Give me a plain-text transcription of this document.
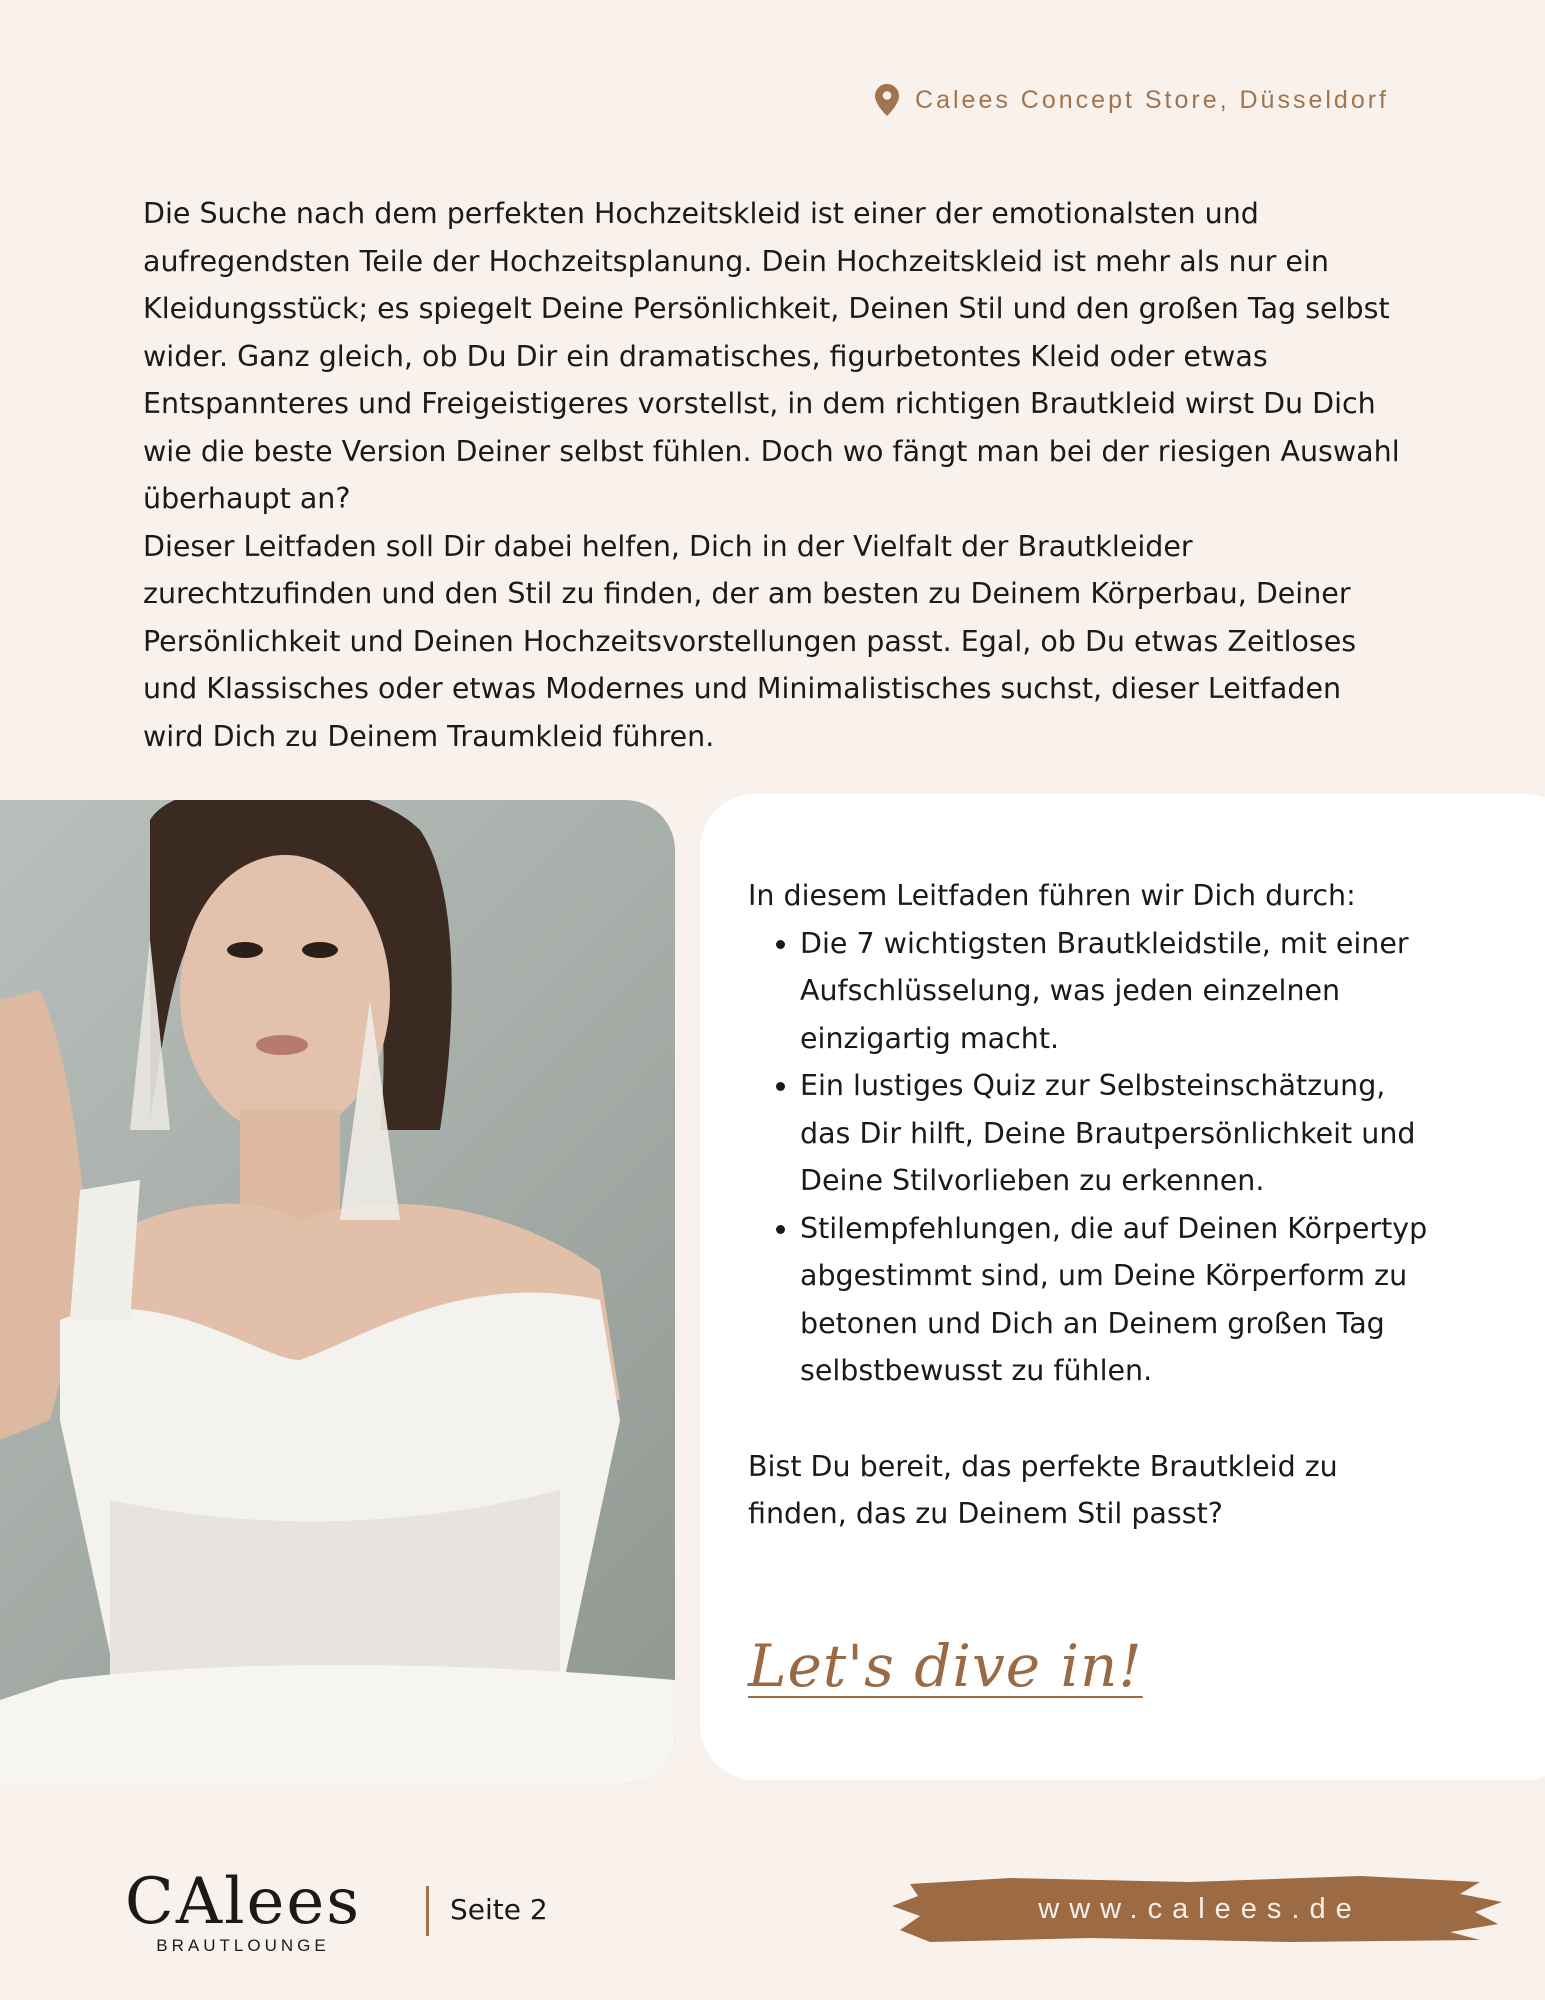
Calees Concept Store, Düsseldorf

Die Suche nach dem perfekten Hochzeitskleid ist einer der emotionalsten und aufregendsten Teile der Hochzeitsplanung. Dein Hochzeitskleid ist mehr als nur ein Kleidungsstück; es spiegelt Deine Persönlichkeit, Deinen Stil und den großen Tag selbst wider. Ganz gleich, ob Du Dir ein dramatisches, figurbetontes Kleid oder etwas Entspannteres und Freigeistigeres vorstellst, in dem richtigen Brautkleid wirst Du Dich wie die beste Version Deiner selbst fühlen. Doch wo fängt man bei der riesigen Auswahl überhaupt an?

Dieser Leitfaden soll Dir dabei helfen, Dich in der Vielfalt der Brautkleider zurechtzufinden und den Stil zu finden, der am besten zu Deinem Körperbau, Deiner Persönlichkeit und Deinen Hochzeitsvorstellungen passt. Egal, ob Du etwas Zeitloses und Klassisches oder etwas Modernes und Minimalistisches suchst, dieser Leitfaden wird Dich zu Deinem Traumkleid führen.

In diesem Leitfaden führen wir Dich durch:

• Die 7 wichtigsten Brautkleidstile, mit einer Aufschlüsselung, was jeden einzelnen einzigartig macht.
• Ein lustiges Quiz zur Selbsteinschätzung, das Dir hilft, Deine Brautpersönlichkeit und Deine Stilvorlieben zu erkennen.
• Stilempfehlungen, die auf Deinen Körpertyp abgestimmt sind, um Deine Körperform zu betonen und Dich an Deinem großen Tag selbstbewusst zu fühlen.

Bist Du bereit, das perfekte Brautkleid zu finden, das zu Deinem Stil passt?

Let's dive in!
CAlees
BRAUTLOUNGE
Seite 2	www.calees.de
